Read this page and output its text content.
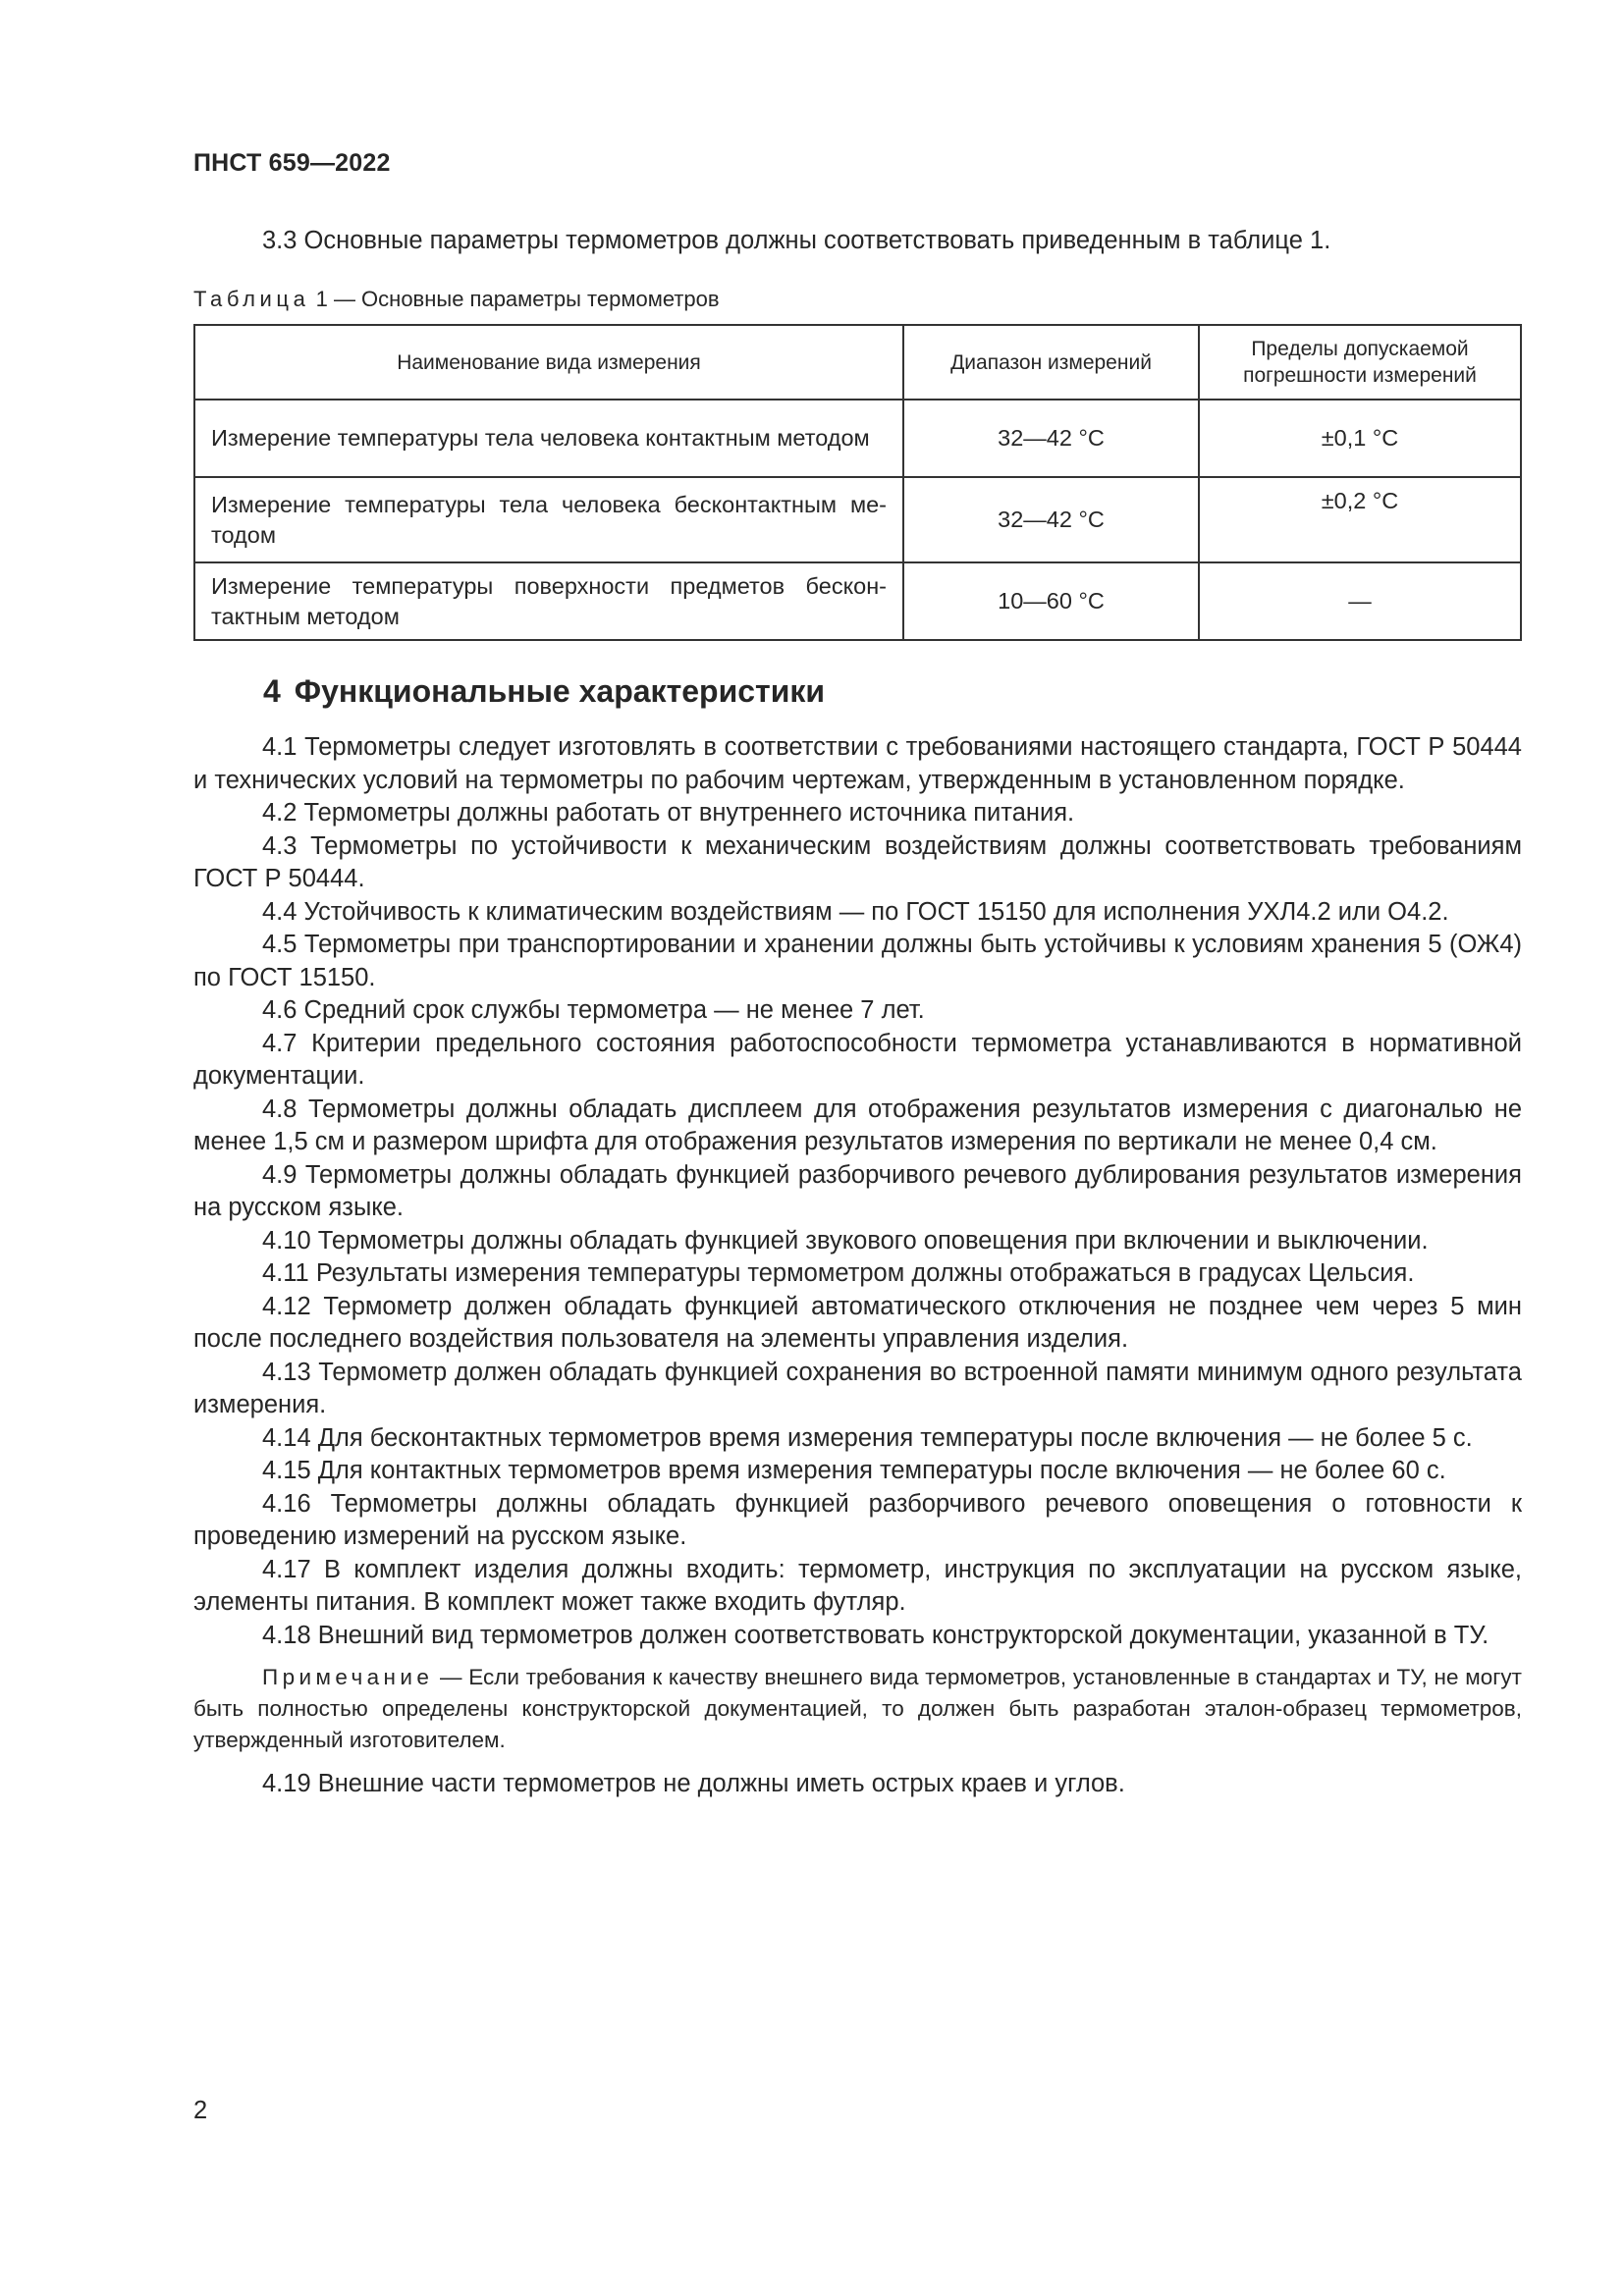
ПНСТ 659—2022
3.3 Основные параметры термометров должны соответствовать приведенным в таблице 1.
Таблица 1 — Основные параметры термометров
Наименование вида измерения	Диапазон измерений	Пределы допускаемой погрешности измерений
Измерение температуры тела человека контактным методом	32—42 °С	±0,1 °С
Измерение температуры тела человека бесконтактным методом	32—42 °С	±0,2 °С
Измерение температуры поверхности предметов бесконтактным методом	10—60 °С	—
4 Функциональные характеристики

4.1 Термометры следует изготовлять в соответствии с требованиями настоящего стандарта, ГОСТ Р 50444 и технических условий на термометры по рабочим чертежам, утвержденным в установленном порядке.

4.2 Термометры должны работать от внутреннего источника питания.

4.3 Термометры по устойчивости к механическим воздействиям должны соответствовать требованиям ГОСТ Р 50444.

4.4 Устойчивость к климатическим воздействиям — по ГОСТ 15150 для исполнения УХЛ4.2 или О4.2.

4.5 Термометры при транспортировании и хранении должны быть устойчивы к условиям хранения 5 (ОЖ4) по ГОСТ 15150.

4.6 Средний срок службы термометра — не менее 7 лет.

4.7 Критерии предельного состояния работоспособности термометра устанавливаются в нормативной документации.

4.8 Термометры должны обладать дисплеем для отображения результатов измерения с диагональю не менее 1,5 см и размером шрифта для отображения результатов измерения по вертикали не менее 0,4 см.

4.9 Термометры должны обладать функцией разборчивого речевого дублирования результатов измерения на русском языке.

4.10 Термометры должны обладать функцией звукового оповещения при включении и выключении.

4.11 Результаты измерения температуры термометром должны отображаться в градусах Цельсия.

4.12 Термометр должен обладать функцией автоматического отключения не позднее чем через 5 мин после последнего воздействия пользователя на элементы управления изделия.

4.13 Термометр должен обладать функцией сохранения во встроенной памяти минимум одного результата измерения.

4.14 Для бесконтактных термометров время измерения температуры после включения — не более 5 с.

4.15 Для контактных термометров время измерения температуры после включения — не более 60 с.

4.16 Термометры должны обладать функцией разборчивого речевого оповещения о готовности к проведению измерений на русском языке.

4.17 В комплект изделия должны входить: термометр, инструкция по эксплуатации на русском языке, элементы питания. В комплект может также входить футляр.

4.18 Внешний вид термометров должен соответствовать конструкторской документации, указанной в ТУ.

Примечание — Если требования к качеству внешнего вида термометров, установленные в стандартах и ТУ, не могут быть полностью определены конструкторской документацией, то должен быть разработан эталон-образец термометров, утвержденный изготовителем.

4.19 Внешние части термометров не должны иметь острых краев и углов.

2
